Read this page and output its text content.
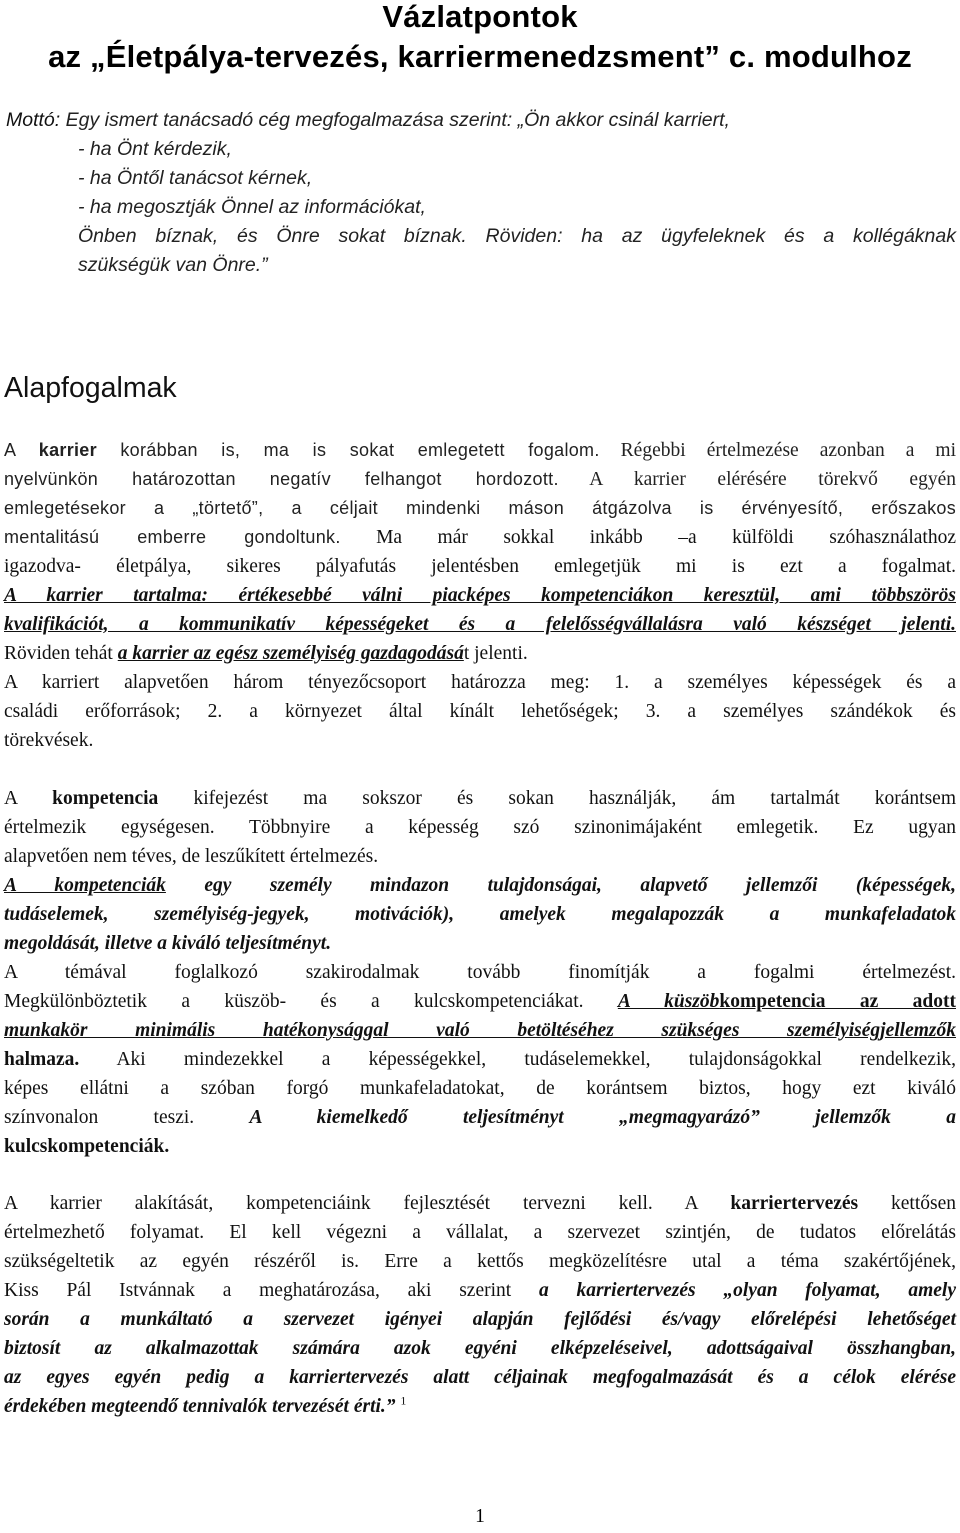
Vázlatpontok
az „Életpálya-tervezés, karriermenedzsment” c. modulhoz
Mottó: Egy ismert tanácsadó cég megfogalmazása szerint: „Ön akkor csinál karriert,
- ha Önt kérdezik,
- ha Öntől tanácsot kérnek,
- ha megosztják Önnel az információkat,
Önben bíznak, és Önre sokat bíznak. Röviden: ha az ügyfeleknek és a kollégáknak
szükségük van Önre.”
Alapfogalmak
A karrier korábban is, ma is sokat emlegetett fogalom. Régebbi értelmezése azonban a mi
nyelvünkön határozottan negatív felhangot hordozott. A karrier elérésére törekvő egyén
emlegetésekor a „törtető”, a céljait mindenki máson átgázolva is érvényesítő, erőszakos
mentalitású emberre gondoltunk. Ma már sokkal inkább –a külföldi szóhasználathoz
igazodva- életpálya, sikeres pályafutás jelentésben emlegetjük mi is ezt a fogalmat.
A karrier tartalma: értékesebbé válni piacképes kompetenciákon keresztül, ami többszörös
kvalifikációt, a kommunikatív képességeket és a felelősségvállalásra való készséget jelenti.
Röviden tehát a karrier az egész személyiség gazdagodását jelenti.
A karriert alapvetően három tényezőcsoport határozza meg: 1. a személyes képességek és a
családi erőforrások; 2. a környezet által kínált lehetőségek; 3. a személyes szándékok és
törekvések.
A kompetencia kifejezést ma sokszor és sokan használják, ám tartalmát korántsem
értelmezik egységesen. Többnyire a képesség szó szinonimájaként emlegetik. Ez ugyan
alapvetően nem téves, de leszűkített értelmezés.
A kompetenciák egy személy mindazon tulajdonságai, alapvető jellemzői (képességek,
tudáselemek, személyiség-jegyek, motivációk), amelyek megalapozzák a munkafeladatok
megoldását, illetve a kiváló teljesítményt.
A témával foglalkozó szakirodalmak tovább finomítják a fogalmi értelmezést.
Megkülönböztetik a küszöb- és a kulcskompetenciákat. A küszöbkompetencia az adott
munkakör minimális hatékonysággal való betöltéséhez szükséges személyiségjellemzők
halmaza. Aki mindezekkel a képességekkel, tudáselemekkel, tulajdonságokkal rendelkezik,
képes ellátni a szóban forgó munkafeladatokat, de korántsem biztos, hogy ezt kiváló
színvonalon teszi. A kiemelkedő teljesítményt „megmagyarázó” jellemzők a
kulcskompetenciák.
A karrier alakítását, kompetenciáink fejlesztését tervezni kell. A karriertervezés kettősen
értelmezhető folyamat. El kell végezni a vállalat, a szervezet szintjén, de tudatos előrelátás
szükségeltetik az egyén részéről is. Erre a kettős megközelítésre utal a téma szakértőjének,
Kiss Pál Istvánnak a meghatározása, aki szerint a karriertervezés „olyan folyamat, amely
során a munkáltató a szervezet igényei alapján fejlődési és/vagy előrelépési lehetőséget
biztosít az alkalmazottak számára azok egyéni elképzeléseivel, adottságaival összhangban,
az egyes egyén pedig a karriertervezés alatt céljainak megfogalmazását és a célok elérése
érdekében megteendő tennivalók tervezését érti.” $^1$
1
